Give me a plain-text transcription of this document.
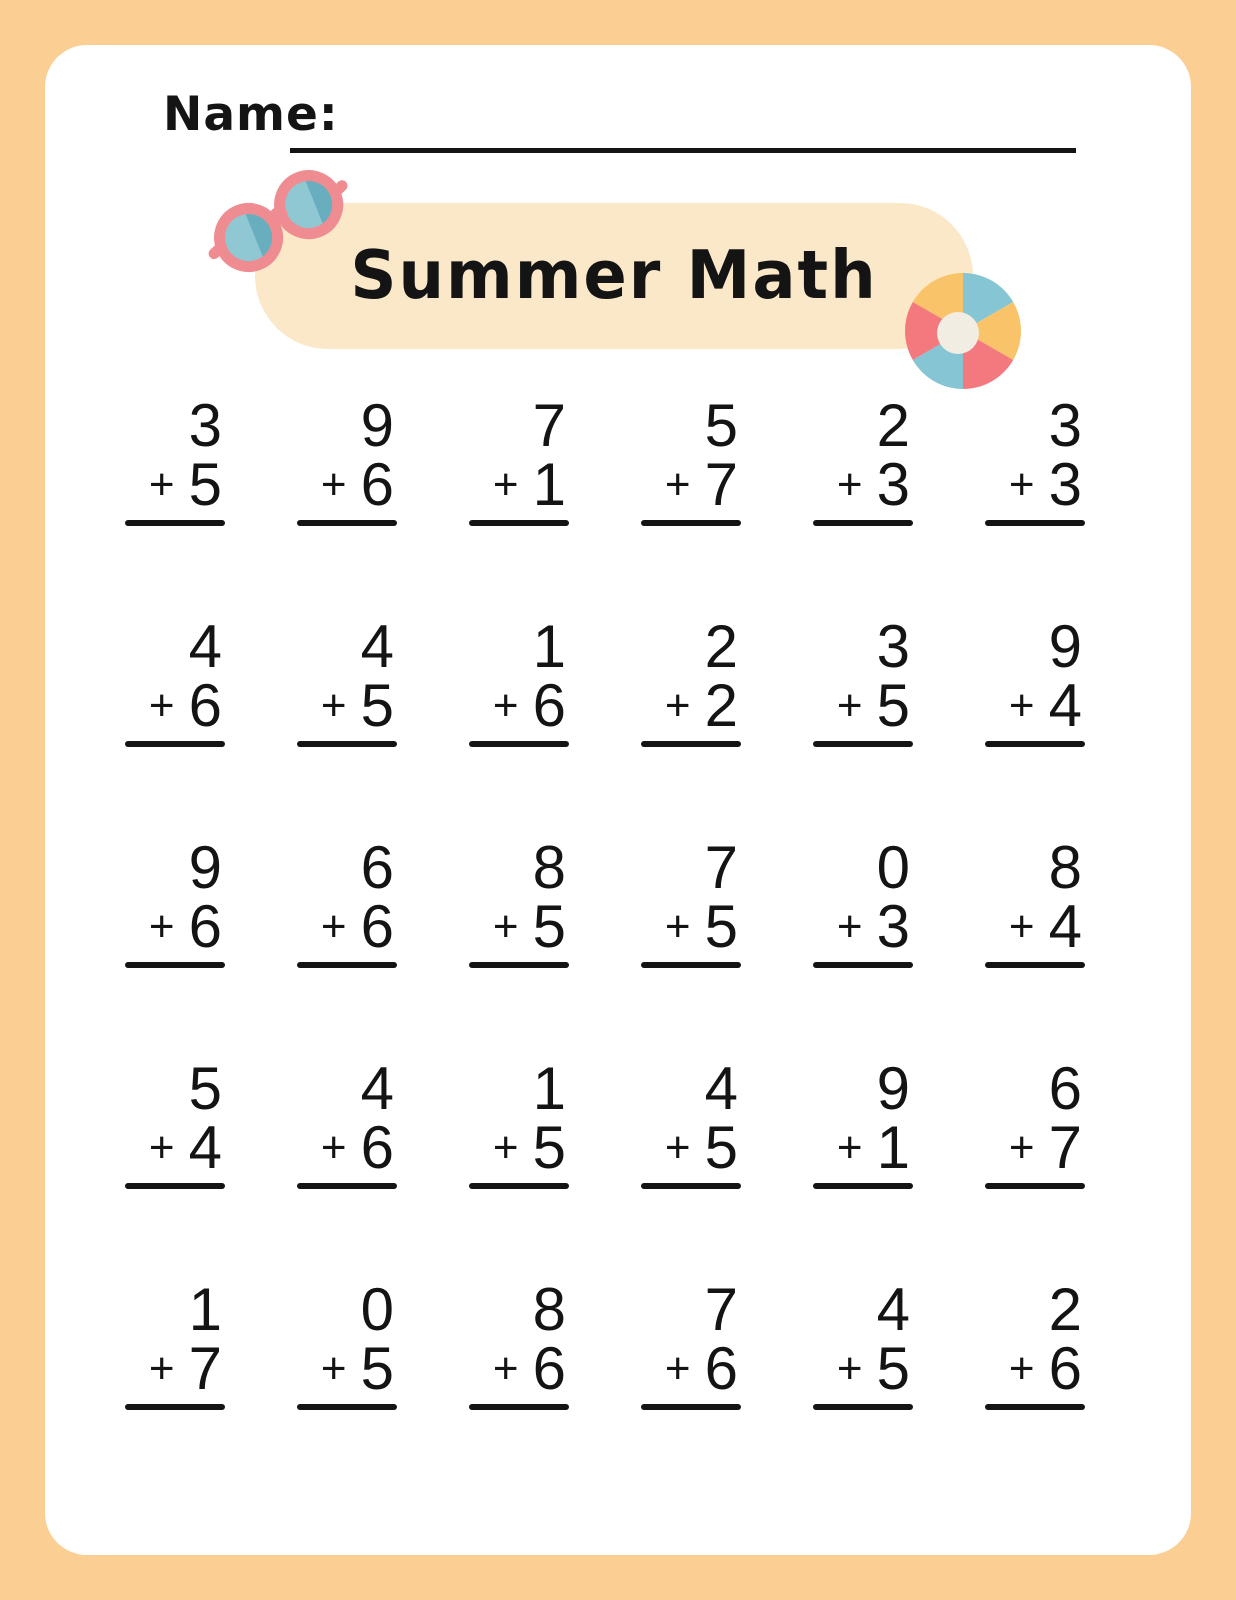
Name:
Summer Math
3
+ 5
9
+ 6
7
+ 1
5
+ 7
2
+ 3
3
+ 3
4
+ 6
4
+ 5
1
+ 6
2
+ 2
3
+ 5
9
+ 4
9
+ 6
6
+ 6
8
+ 5
7
+ 5
0
+ 3
8
+ 4
5
+ 4
4
+ 6
1
+ 5
4
+ 5
9
+ 1
6
+ 7
1
+ 7
0
+ 5
8
+ 6
7
+ 6
4
+ 5
2
+ 6
